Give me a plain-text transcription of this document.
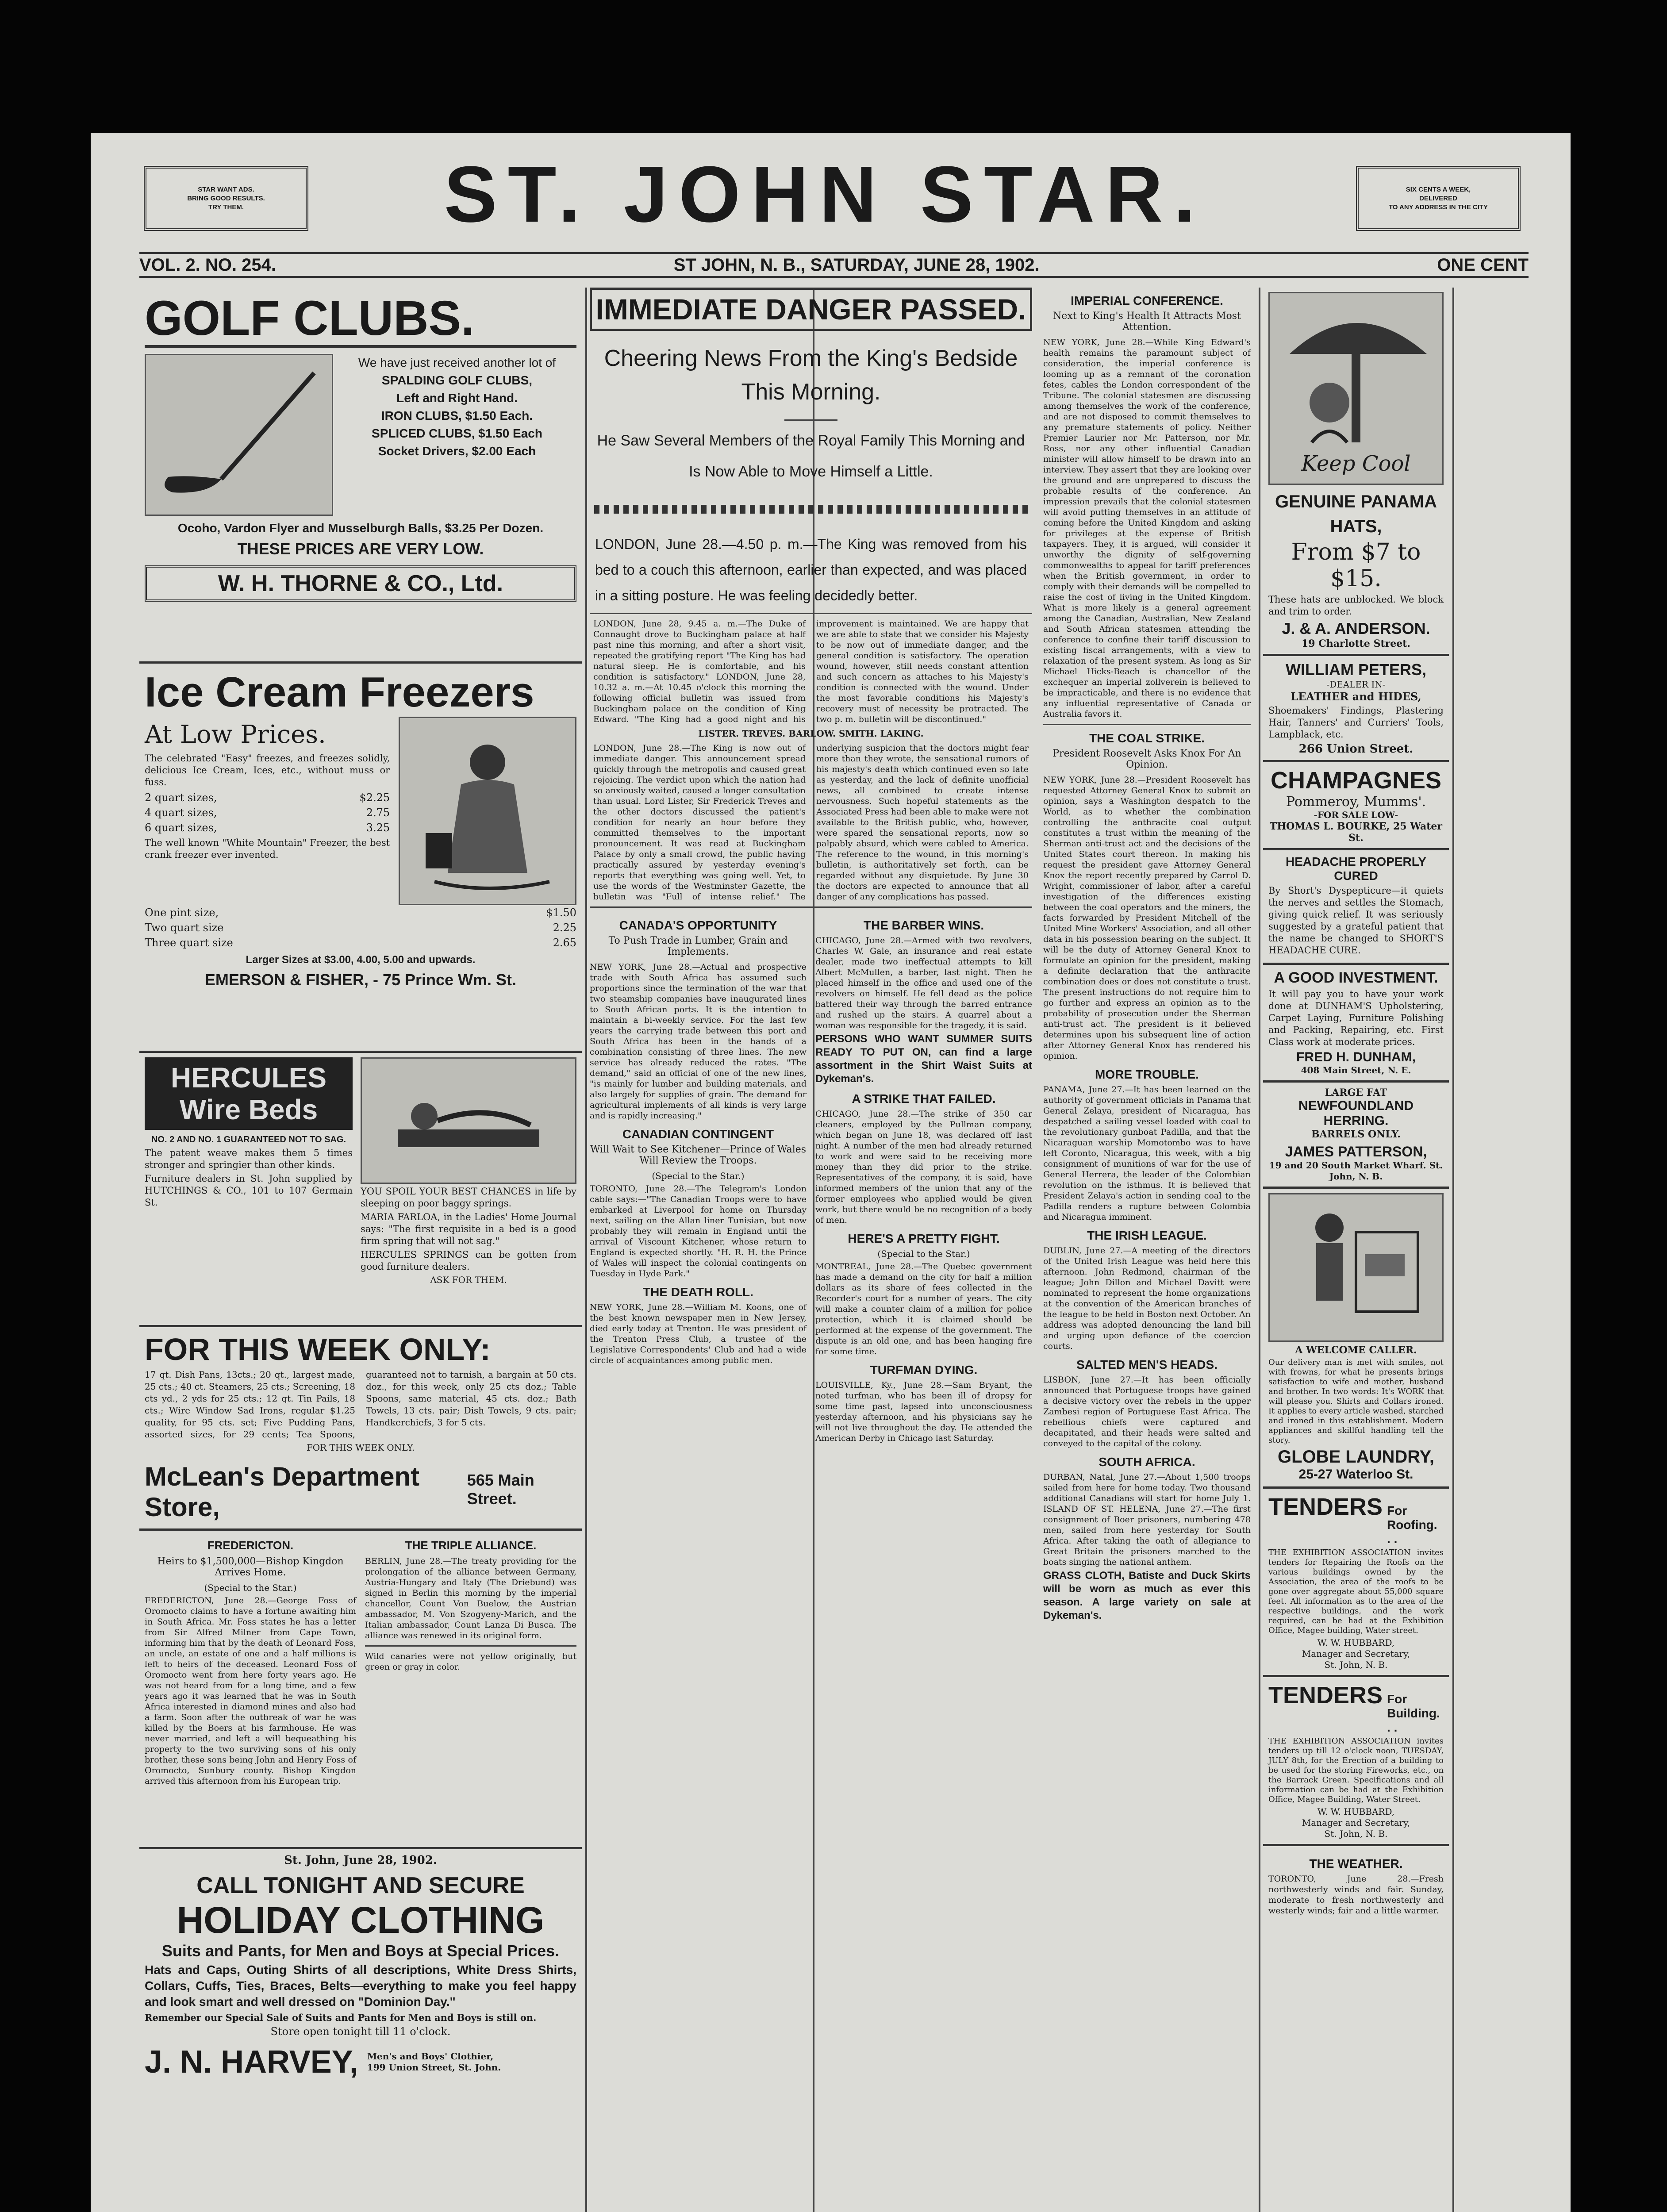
STAR WANT ADS.
BRING GOOD RESULTS.
TRY THEM.	ST. JOHN STAR.	SIX CENTS A WEEK,
DELIVERED
TO ANY ADDRESS IN THE CITY
VOL. 2. NO. 254.	ST JOHN, N. B., SATURDAY, JUNE 28, 1902.	ONE CENT
GOLF CLUBS.
We have just received another lot of
SPALDING GOLF CLUBS,
Left and Right Hand.
IRON CLUBS, $1.50 Each.
SPLICED CLUBS, $1.50 Each
Socket Drivers, $2.00 Each
Ocoho, Vardon Flyer and Musselburgh Balls, $3.25 Per Dozen.
THESE PRICES ARE VERY LOW.
W. H. THORNE & CO., Ltd.
Ice Cream Freezers
At Low Prices.

The celebrated "Easy" freezes, and freezes solidly, delicious Ice Cream, Ices, etc., without muss or fuss.

2 quart sizes,	$2.25
4 quart sizes,	2.75
6 quart sizes,	3.25

The well known "White Mountain" Freezer, the best crank freezer ever invented.

One pint size,	$1.50
Two quart size	2.25
Three quart size	2.65
Larger Sizes at $3.00, 4.00, 5.00 and upwards.
EMERSON & FISHER, - 75 Prince Wm. St.
HERCULES Wire Beds
NO. 2 AND NO. 1 GUARANTEED NOT TO SAG.

The patent weave makes them 5 times stronger and springier than other kinds.

Furniture dealers in St. John supplied by HUTCHINGS & CO., 101 to 107 Germain St.

YOU SPOIL YOUR BEST CHANCES in life by sleeping on poor baggy springs.

MARIA FARLOA, in the Ladies' Home Journal says: "The first requisite in a bed is a good firm spring that will not sag."

HERCULES SPRINGS can be gotten from good furniture dealers.

ASK FOR THEM.
FOR THIS WEEK ONLY:

17 qt. Dish Pans, 13cts.; 20 qt., largest made, 25 cts.; 40 ct. Steamers, 25 cts.; Screening, 18 cts yd., 2 yds for 25 cts.; 12 qt. Tin Pails, 18 cts.; Wire Window Sad Irons, regular $1.25 quality, for 95 cts. set; Five Pudding Pans, assorted sizes, for 29 cents; Tea Spoons, guaranteed not to tarnish, a bargain at 50 cts. doz., for this week, only 25 cts doz.; Table Spoons, same material, 45 cts. doz.; Bath Towels, 13 cts. pair; Dish Towels, 9 cts. pair; Handkerchiefs, 3 for 5 cts.

FOR THIS WEEK ONLY.
McLean's Department Store,
565 Main Street.
FREDERICTON.
Heirs to $1,500,000—Bishop Kingdon Arrives Home.
(Special to the Star.)

FREDERICTON, June 28.—George Foss of Oromocto claims to have a fortune awaiting him in South Africa. Mr. Foss states he has a letter from Sir Alfred Milner from Cape Town, informing him that by the death of Leonard Foss, an uncle, an estate of one and a half millions is left to heirs of the deceased. Leonard Foss of Oromocto went from here forty years ago. He was not heard from for a long time, and a few years ago it was learned that he was in South Africa interested in diamond mines and also had a farm. Soon after the outbreak of war he was killed by the Boers at his farmhouse. He was never married, and left a will bequeathing his property to the two surviving sons of his only brother, these sons being John and Henry Foss of Oromocto, Sunbury county. Bishop Kingdon arrived this afternoon from his European trip.

THE TRIPLE ALLIANCE.

BERLIN, June 28.—The treaty providing for the prolongation of the alliance between Germany, Austria-Hungary and Italy (The Driebund) was signed in Berlin this morning by the imperial chancellor, Count Von Buelow, the Austrian ambassador, M. Von Szogyeny-Marich, and the Italian ambassador, Count Lanza Di Busca. The alliance was renewed in its original form.

Wild canaries were not yellow originally, but green or gray in color.

St. John, June 28, 1902.
CALL TONIGHT AND SECURE
HOLIDAY CLOTHING
Suits and Pants, for Men and Boys at Special Prices.

Hats and Caps, Outing Shirts of all descriptions, White Dress Shirts, Collars, Cuffs, Ties, Braces, Belts—everything to make you feel happy and look smart and well dressed on "Dominion Day."

Remember our Special Sale of Suits and Pants for Men and Boys is still on.

Store open tonight till 11 o'clock.
J. N. HARVEY, Men's and Boys' Clothier,
199 Union Street, St. John.
IMMEDIATE DANGER PASSED.
Cheering News From the King's Bedside This Morning.
He Saw Several Members of the Royal Family This Morning and Is Now Able to Move Himself a Little.

LONDON, June 28.—4.50 p. m.—The King was removed from his bed to a couch this afternoon, earlier than expected, and was placed in a sitting posture. He was feeling decidedly better.

LONDON, June 28, 9.45 a. m.—The Duke of Connaught drove to Buckingham palace at half past nine this morning, and after a short visit, repeated the gratifying report "The King has had natural sleep. He is comfortable, and his condition is satisfactory." LONDON, June 28, 10.32 a. m.—At 10.45 o'clock this morning the following official bulletin was issued from Buckingham palace on the condition of King Edward. "The King had a good night and his improvement is maintained. We are happy that we are able to state that we consider his Majesty to be now out of immediate danger, and the general condition is satisfactory. The operation wound, however, still needs constant attention and such concern as attaches to his Majesty's condition is connected with the wound. Under the most favorable conditions his Majesty's recovery must of necessity be protracted. The two p. m. bulletin will be discontinued."

LISTER. TREVES. BARLOW. SMITH. LAKING.

LONDON, June 28.—The King is now out of immediate danger. This announcement spread quickly through the metropolis and caused great rejoicing. The verdict upon which the nation had so anxiously waited, caused a longer consultation than usual. Lord Lister, Sir Frederick Treves and the other doctors discussed the patient's condition for nearly an hour before they committed themselves to the important pronouncement. It was read at Buckingham Palace by only a small crowd, the public having practically assured by yesterday evening's reports that everything was going well. Yet, to use the words of the Westminster Gazette, the bulletin was "Full of intense relief." The underlying suspicion that the doctors might fear more than they wrote, the sensational rumors of his majesty's death which continued even so late as yesterday, and the lack of definite unofficial news, all combined to create intense nervousness. Such hopeful statements as the Associated Press had been able to make were not available to the British public, who, however, were spared the sensational reports, now so palpably absurd, which were cabled to America. The reference to the wound, in this morning's bulletin, is authoritatively set forth, can be regarded without any disquietude. By June 30 the doctors are expected to announce that all danger of any complications has passed.

CANADA'S OPPORTUNITY
To Push Trade in Lumber, Grain and Implements.

NEW YORK, June 28.—Actual and prospective trade with South Africa has assumed such proportions since the termination of the war that two steamship companies have inaugurated lines to South African ports. It is the intention to maintain a bi-weekly service. For the last few years the carrying trade between this port and South Africa has been in the hands of a combination consisting of three lines. The new service has already reduced the rates. "The demand," said an official of one of the new lines, "is mainly for lumber and building materials, and also largely for supplies of grain. The demand for agricultural implements of all kinds is very large and is rapidly increasing."

CANADIAN CONTINGENT
Will Wait to See Kitchener—Prince of Wales Will Review the Troops.
(Special to the Star.)

TORONTO, June 28.—The Telegram's London cable says:—"The Canadian Troops were to have embarked at Liverpool for home on Thursday next, sailing on the Allan liner Tunisian, but now probably they will remain in England until the arrival of Viscount Kitchener, whose return to England is expected shortly. "H. R. H. the Prince of Wales will inspect the colonial contingents on Tuesday in Hyde Park."

THE DEATH ROLL.

NEW YORK, June 28.—William M. Koons, one of the best known newspaper men in New Jersey, died early today at Trenton. He was president of the Trenton Press Club, a trustee of the Legislative Correspondents' Club and had a wide circle of acquaintances among public men.

THE BARBER WINS.

CHICAGO, June 28.—Armed with two revolvers, Charles W. Gale, an insurance and real estate dealer, made two ineffectual attempts to kill Albert McMullen, a barber, last night. Then he placed himself in the office and used one of the revolvers on himself. He fell dead as the police battered their way through the barred entrance and rushed up the stairs. A quarrel about a woman was responsible for the tragedy, it is said.

PERSONS WHO WANT SUMMER SUITS READY TO PUT ON, can find a large assortment in the Shirt Waist Suits at Dykeman's.

A STRIKE THAT FAILED.

CHICAGO, June 28.—The strike of 350 car cleaners, employed by the Pullman company, which began on June 18, was declared off last night. A number of the men had already returned to work and were said to be receiving more money than they did prior to the strike. Representatives of the company, it is said, have informed members of the union that any of the former employees who applied would be given work, but there would be no recognition of a body of men.

HERE'S A PRETTY FIGHT.
(Special to the Star.)

MONTREAL, June 28.—The Quebec government has made a demand on the city for half a million dollars as its share of fees collected in the Recorder's court for a number of years. The city will make a counter claim of a million for police protection, which it is claimed should be performed at the expense of the government. The dispute is an old one, and has been hanging fire for some time.

TURFMAN DYING.

LOUISVILLE, Ky., June 28.—Sam Bryant, the noted turfman, who has been ill of dropsy for some time past, lapsed into unconsciousness yesterday afternoon, and his physicians say he will not live throughout the day. He attended the American Derby in Chicago last Saturday.

IMPERIAL CONFERENCE.
Next to King's Health It Attracts Most Attention.

NEW YORK, June 28.—While King Edward's health remains the paramount subject of consideration, the imperial conference is looming up as a remnant of the coronation fetes, cables the London correspondent of the Tribune. The colonial statesmen are discussing among themselves the work of the conference, and are not disposed to commit themselves to any premature statements of policy. Neither Premier Laurier nor Mr. Patterson, nor Mr. Ross, nor any other influential Canadian minister will allow himself to be drawn into an interview. They assert that they are looking over the ground and are unprepared to discuss the probable results of the conference. An impression prevails that the colonial statesmen will avoid putting themselves in an attitude of coming before the United Kingdom and asking for privileges at the expense of British taxpayers. They, it is argued, will consider it unworthy the dignity of self-governing commonwealths to appeal for tariff preferences when the British government, in order to comply with their demands will be compelled to raise the cost of living in the United Kingdom. What is more likely is a general agreement among the Canadian, Australian, New Zealand and South African statesmen attending the conference to confine their tariff discussion to existing fiscal arrangements, with a view to relaxation of the present system. As long as Sir Michael Hicks-Beach is chancellor of the exchequer an imperial zollverein is believed to be impracticable, and there is no evidence that any influential representative of Canada or Australia favors it.

THE COAL STRIKE.
President Roosevelt Asks Knox For An Opinion.

NEW YORK, June 28.—President Roosevelt has requested Attorney General Knox to submit an opinion, says a Washington despatch to the World, as to whether the combination controlling the anthracite coal output constitutes a trust within the meaning of the Sherman anti-trust act and the decisions of the United States court thereon. In making his request the president gave Attorney General Knox the report recently prepared by Carrol D. Wright, commissioner of labor, after a careful investigation of the differences existing between the coal operators and the miners, the facts forwarded by President Mitchell of the United Mine Workers' Association, and all other data in his possession bearing on the subject. It will be the duty of Attorney General Knox to formulate an opinion for the president, making a definite declaration that the anthracite combination does or does not constitute a trust. The present instructions do not require him to go further and express an opinion as to the probability of prosecution under the Sherman anti-trust act. The president is it believed determines upon his subsequent line of action after Attorney General Knox has rendered his opinion.

MORE TROUBLE.

PANAMA, June 27.—It has been learned on the authority of government officials in Panama that General Zelaya, president of Nicaragua, has despatched a sailing vessel loaded with coal to the revolutionary gunboat Padilla, and that the Nicaraguan warship Momotombo was to have left Coronto, Nicaragua, this week, with a big consignment of munitions of war for the use of General Herrera, the leader of the Colombian revolution on the isthmus. It is believed that President Zelaya's action in sending coal to the Padilla renders a rupture between Colombia and Nicaragua imminent.

THE IRISH LEAGUE.

DUBLIN, June 27.—A meeting of the directors of the United Irish League was held here this afternoon. John Redmond, chairman of the league; John Dillon and Michael Davitt were nominated to represent the home organizations at the convention of the American branches of the league to be held in Boston next October. An address was adopted denouncing the land bill and urging upon defiance of the coercion courts.

SALTED MEN'S HEADS.

LISBON, June 27.—It has been officially announced that Portuguese troops have gained a decisive victory over the rebels in the upper Zambesi region of Portuguese East Africa. The rebellious chiefs were captured and decapitated, and their heads were salted and conveyed to the capital of the colony.

SOUTH AFRICA.

DURBAN, Natal, June 27.—About 1,500 troops sailed from here for home today. Two thousand additional Canadians will start for home July 1. ISLAND OF ST. HELENA, June 27.—The first consignment of Boer prisoners, numbering 478 men, sailed from here yesterday for South Africa. After taking the oath of allegiance to Great Britain the prisoners marched to the boats singing the national anthem.

GRASS CLOTH, Batiste and Duck Skirts will be worn as much as ever this season. A large variety on sale at Dykeman's.

Keep Cool
GENUINE PANAMA HATS,
From $7 to $15.

These hats are unblocked. We block and trim to order.

J. & A. ANDERSON.
19 Charlotte Street.
WILLIAM PETERS,
-DEALER IN-
LEATHER and HIDES,

Shoemakers' Findings, Plastering Hair, Tanners' and Curriers' Tools, Lampblack, etc.

266 Union Street.
CHAMPAGNES
Pommeroy, Mumms'.
-FOR SALE LOW-
THOMAS L. BOURKE, 25 Water St.
HEADACHE PROPERLY CURED

By Short's Dyspepticure—it quiets the nerves and settles the Stomach, giving quick relief. It was seriously suggested by a grateful patient that the name be changed to SHORT'S HEADACHE CURE.

A GOOD INVESTMENT.

It will pay you to have your work done at DUNHAM'S Upholstering, Carpet Laying, Furniture Polishing and Packing, Repairing, etc. First Class work at moderate prices.

FRED H. DUNHAM,
408 Main Street, N. E.
LARGE FAT
NEWFOUNDLAND HERRING.
BARRELS ONLY.
JAMES PATTERSON,
19 and 20 South Market Wharf. St. John, N. B.
A WELCOME CALLER.

Our delivery man is met with smiles, not with frowns, for what he presents brings satisfaction to wife and mother, husband and brother. In two words: It's WORK that will please you. Shirts and Collars ironed. It applies to every article washed, starched and ironed in this establishment. Modern appliances and skillful handling tell the story.

GLOBE LAUNDRY,
25-27 Waterloo St.
TENDERS For Roofing. . .

THE EXHIBITION ASSOCIATION invites tenders for Repairing the Roofs on the various buildings owned by the Association, the area of the roofs to be gone over aggregate about 55,000 square feet. All information as to the area of the respective buildings, and the work required, can be had at the Exhibition Office, Magee building, Water street.

W. W. HUBBARD,
Manager and Secretary,
St. John, N. B.
TENDERS For Building. . .

THE EXHIBITION ASSOCIATION invites tenders up till 12 o'clock noon, TUESDAY, JULY 8th, for the Erection of a building to be used for the storing Fireworks, etc., on the Barrack Green. Specifications and all information can be had at the Exhibition Office, Magee Building, Water Street.

W. W. HUBBARD,
Manager and Secretary,
St. John, N. B.
THE WEATHER.

TORONTO, June 28.—Fresh northwesterly winds and fair. Sunday, moderate to fresh northwesterly and westerly winds; fair and a little warmer.
